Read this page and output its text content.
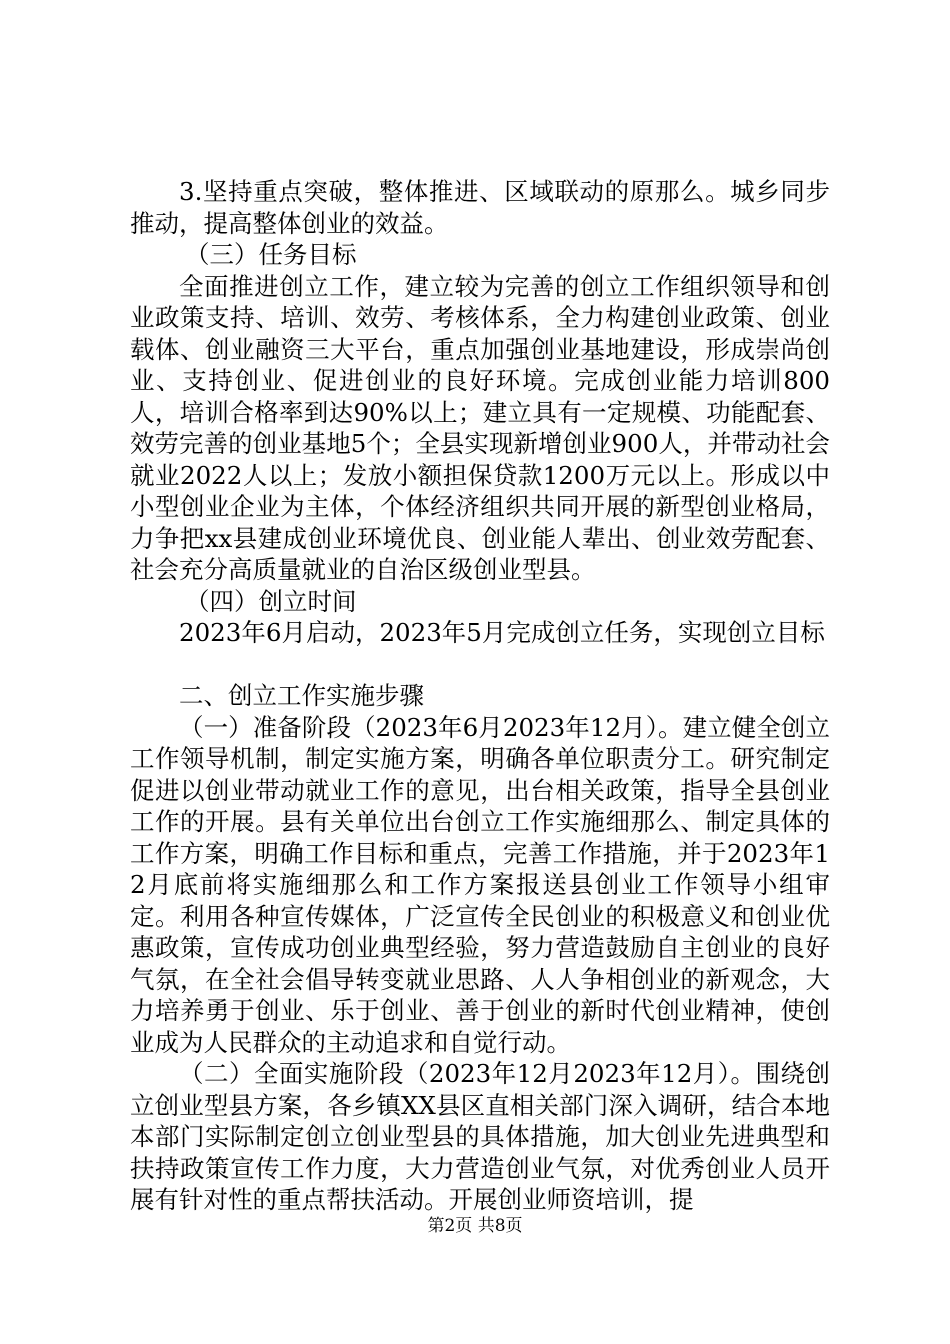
3.坚持重点突破，整体推进、区域联动的原那么。城乡同步推动，提高整体创业的效益。

（三）任务目标

全面推进创立工作，建立较为完善的创立工作组织领导和创业政策支持、培训、效劳、考核体系，全力构建创业政策、创业载体、创业融资三大平台，重点加强创业基地建设，形成崇尚创业、支持创业、促进创业的良好环境。完成创业能力培训800人，培训合格率到达90%以上；建立具有一定规模、功能配套、效劳完善的创业基地5个；全县实现新增创业900人，并带动社会就业2022人以上；发放小额担保贷款1200万元以上。形成以中小型创业企业为主体，个体经济组织共同开展的新型创业格局，力争把xx县建成创业环境优良、创业能人辈出、创业效劳配套、社会充分高质量就业的自治区级创业型县。

（四）创立时间

2023年6月启动，2023年5月完成创立任务，实现创立目标

二、创立工作实施步骤

（一）准备阶段（2023年6月2023年12月）。建立健全创立工作领导机制，制定实施方案，明确各单位职责分工。研究制定促进以创业带动就业工作的意见，出台相关政策，指导全县创业工作的开展。县有关单位出台创立工作实施细那么、制定具体的工作方案，明确工作目标和重点，完善工作措施，并于2023年12月底前将实施细那么和工作方案报送县创业工作领导小组审定。利用各种宣传媒体，广泛宣传全民创业的积极意义和创业优惠政策，宣传成功创业典型经验，努力营造鼓励自主创业的良好气氛，在全社会倡导转变就业思路、人人争相创业的新观念，大力培养勇于创业、乐于创业、善于创业的新时代创业精神，使创业成为人民群众的主动追求和自觉行动。

（二）全面实施阶段（2023年12月2023年12月）。围绕创立创业型县方案，各乡镇XX县区直相关部门深入调研，结合本地本部门实际制定创立创业型县的具体措施，加大创业先进典型和扶持政策宣传工作力度，大力营造创业气氛，对优秀创业人员开展有针对性的重点帮扶活动。开展创业师资培训，提

第2页 共8页
